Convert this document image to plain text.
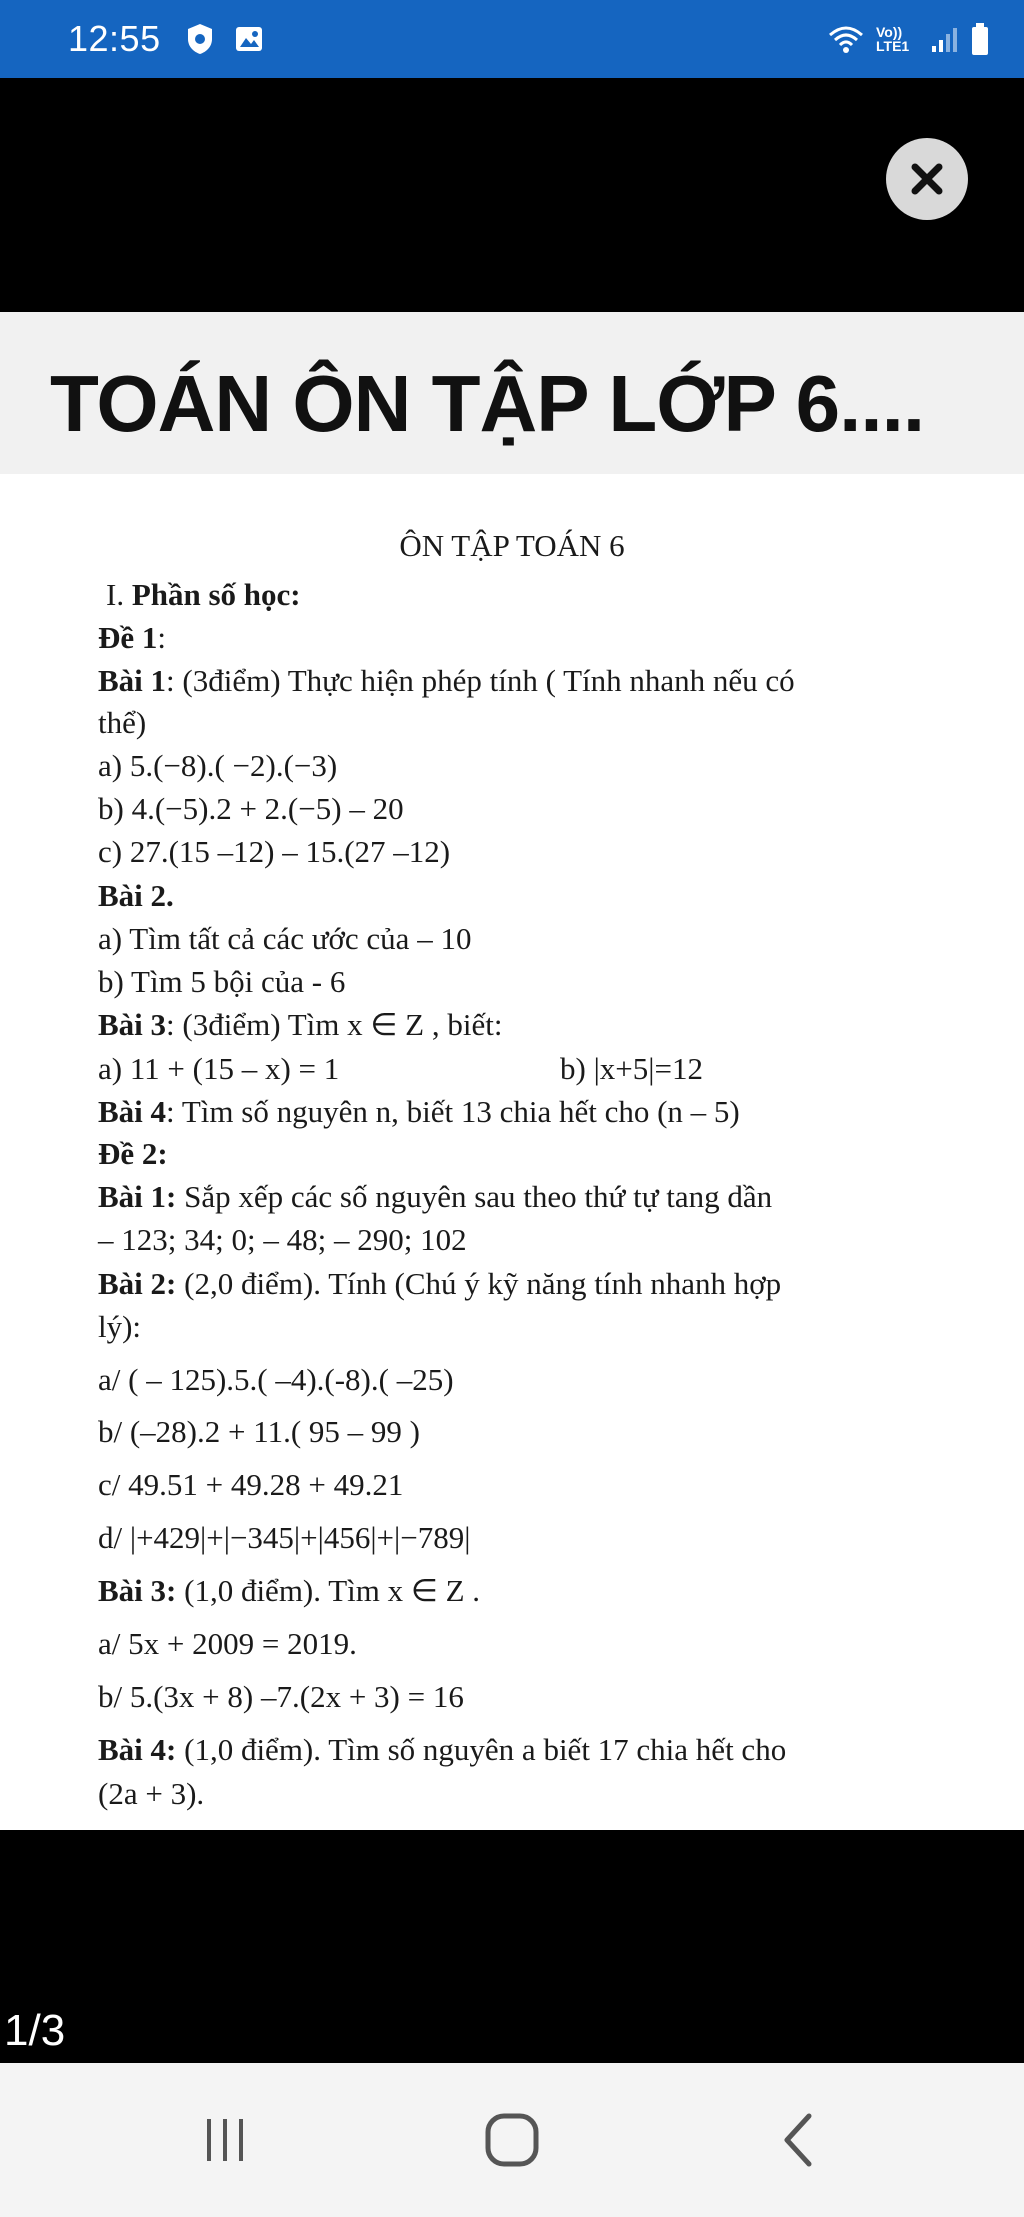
12:55	Vo)) LTE1
TOÁN ÔN TẬP LỚP 6....
ÔN TẬP TOÁN 6
I. Phần số học:
Đề 1:
Bài 1: (3điểm) Thực hiện phép tính ( Tính nhanh nếu có
thể)
a) 5.(−8).( −2).(−3)
b) 4.(−5).2 + 2.(−5) – 20
c) 27.(15 –12) – 15.(27 –12)
Bài 2.
a) Tìm tất cả các ước của – 10
b) Tìm 5 bội của - 6
Bài 3: (3điểm) Tìm x ∈ Z , biết:
a) 11 + (15 – x) = 1	b) |x+5|=12
Bài 4: Tìm số nguyên n, biết 13 chia hết cho (n – 5)
Đề 2:
Bài 1: Sắp xếp các số nguyên sau theo thứ tự tang dần
– 123; 34; 0; – 48; – 290; 102
Bài 2: (2,0 điểm). Tính (Chú ý kỹ năng tính nhanh hợp
lý):
a/ ( – 125).5.( –4).(-8).( –25)
b/ (–28).2 + 11.( 95 – 99 )
c/ 49.51 + 49.28 + 49.21
d/ |+429|+|−345|+|456|+|−789|
Bài 3: (1,0 điểm). Tìm x ∈ Z .
a/ 5x + 2009 = 2019.
b/ 5.(3x + 8) –7.(2x + 3) = 16
Bài 4: (1,0 điểm). Tìm số nguyên a biết 17 chia hết cho
(2a + 3).
1/3
